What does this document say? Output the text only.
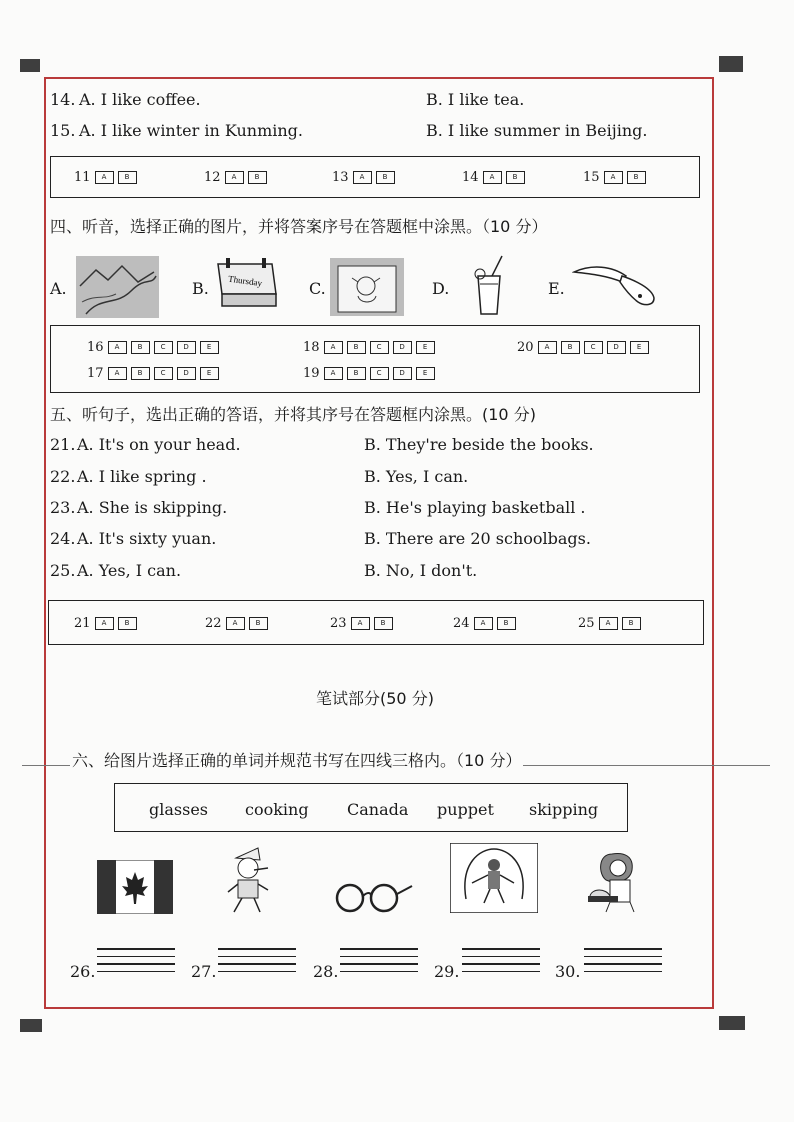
14. A. I like coffee.	B. I like tea.
15. A. I like winter in Kunming.	B. I like summer in Beijing.
11	A	B	12	A	B	13	A	B	14	A	B	15	A	B
四、听音，选择正确的图片，并将答案序号在答题框中涂黑。（10 分）
A.	B. Thursday	C.	D.	E.
16	A	B	C	D	E	18	A	B	C	D	E	20	A	B	C	D	E
17	A	B	C	D	E	19	A	B	C	D	E
五、听句子，选出正确的答语，并将其序号在答题框内涂黑。(10 分)
21. A. It's on your head.	B. They're beside the books.
22. A. I like spring .	B. Yes, I can.
23. A. She is skipping.	B. He's playing basketball .
24. A. It's sixty yuan.	B. There are 20 schoolbags.
25. A. Yes, I can.	B. No, I don't.
21	A	B	22	A	B	23	A	B	24	A	B	25	A	B
笔试部分(50 分)
六、给图片选择正确的单词并规范书写在四线三格内。（10 分）
glasses cooking Canada puppet skipping
26.	27.	28.	29.	30.
